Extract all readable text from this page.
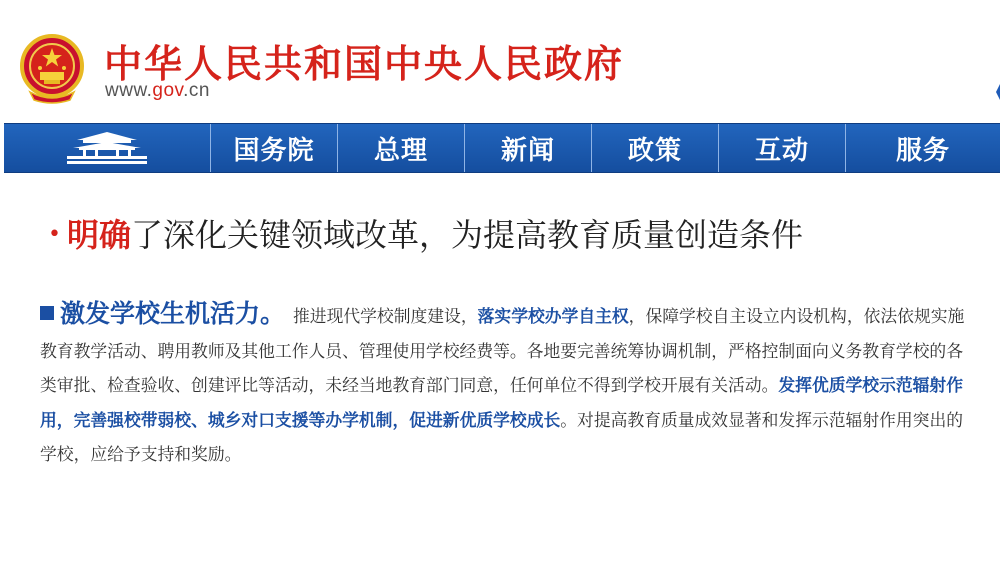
中华人民共和国中央人民政府
www.gov.cn
国务院	总理	新闻	政策	互动	服务
• 明确了深化关键领域改革，为提高教育质量创造条件
激发学校生机活力。 推进现代学校制度建设，落实学校办学自主权，保障学校自主设立内设机构，依法依规实施教育教学活动、聘用教师及其他工作人员、管理使用学校经费等。各地要完善统筹协调机制，严格控制面向义务教育学校的各类审批、检查验收、创建评比等活动，未经当地教育部门同意，任何单位不得到学校开展有关活动。发挥优质学校示范辐射作用，完善强校带弱校、城乡对口支援等办学机制，促进新优质学校成长。对提高教育质量成效显著和发挥示范辐射作用突出的学校，应给予支持和奖励。
